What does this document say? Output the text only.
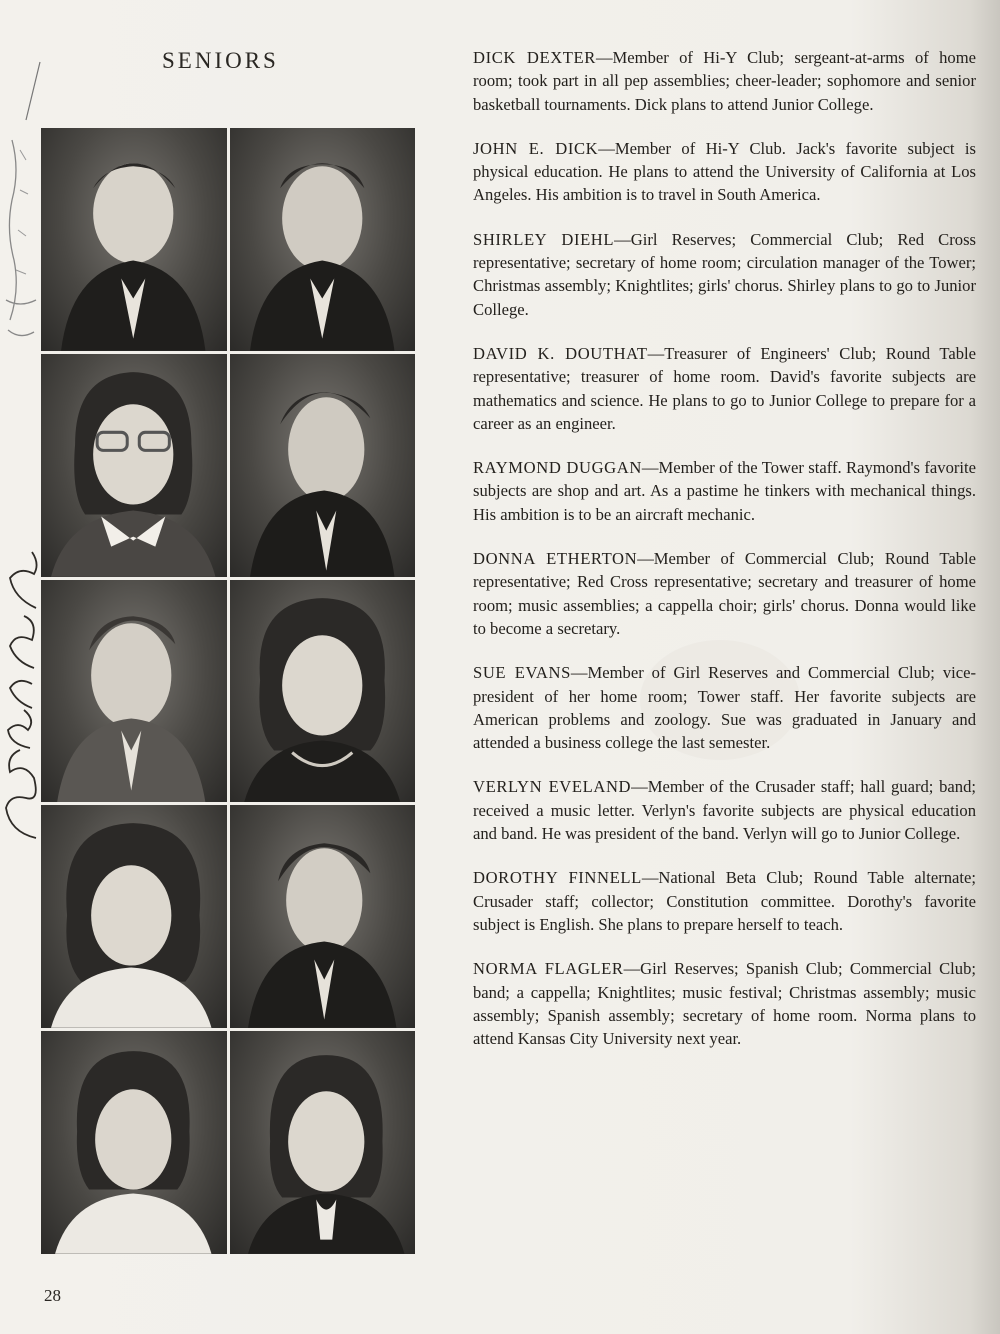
SENIORS	DICK DEXTER—Member of Hi-Y Club; sergeant-at-arms of home room; took part in all pep assemblies; cheer-leader; sophomore and senior basketball tournaments. Dick plans to attend Junior College.

JOHN E. DICK—Member of Hi-Y Club. Jack's favorite subject is physical education. He plans to attend the University of California at Los Angeles. His ambition is to travel in South America.

SHIRLEY DIEHL—Girl Reserves; Commercial Club; Red Cross representative; secretary of home room; circulation manager of the Tower; Christmas assembly; Knightlites; girls' chorus. Shirley plans to go to Junior College.

DAVID K. DOUTHAT—Treasurer of Engineers' Club; Round Table representative; treasurer of home room. David's favorite subjects are mathematics and science. He plans to go to Junior College to prepare for a career as an engineer.

RAYMOND DUGGAN—Member of the Tower staff. Raymond's favorite subjects are shop and art. As a pastime he tinkers with mechanical things. His ambition is to be an aircraft mechanic.

DONNA ETHERTON—Member of Commercial Club; Round Table representative; Red Cross representative; secretary and treasurer of home room; music assemblies; a cappella choir; girls' chorus. Donna would like to become a secretary.

SUE EVANS—Member of Girl Reserves and Commercial Club; vice-president of her home room; Tower staff. Her favorite subjects are American problems and zoology. Sue was graduated in January and attended a business college the last semester.

VERLYN EVELAND—Member of the Crusader staff; hall guard; band; received a music letter. Verlyn's favorite subjects are physical education and band. He was president of the band. Verlyn will go to Junior College.

DOROTHY FINNELL—National Beta Club; Round Table alternate; Crusader staff; collector; Constitution committee. Dorothy's favorite subject is English. She plans to prepare herself to teach.

NORMA FLAGLER—Girl Reserves; Spanish Club; Commercial Club; band; a cappella; Knightlites; music festival; Christmas assembly; music assembly; Spanish assembly; secretary of home room. Norma plans to attend Kansas City University next year.

28
